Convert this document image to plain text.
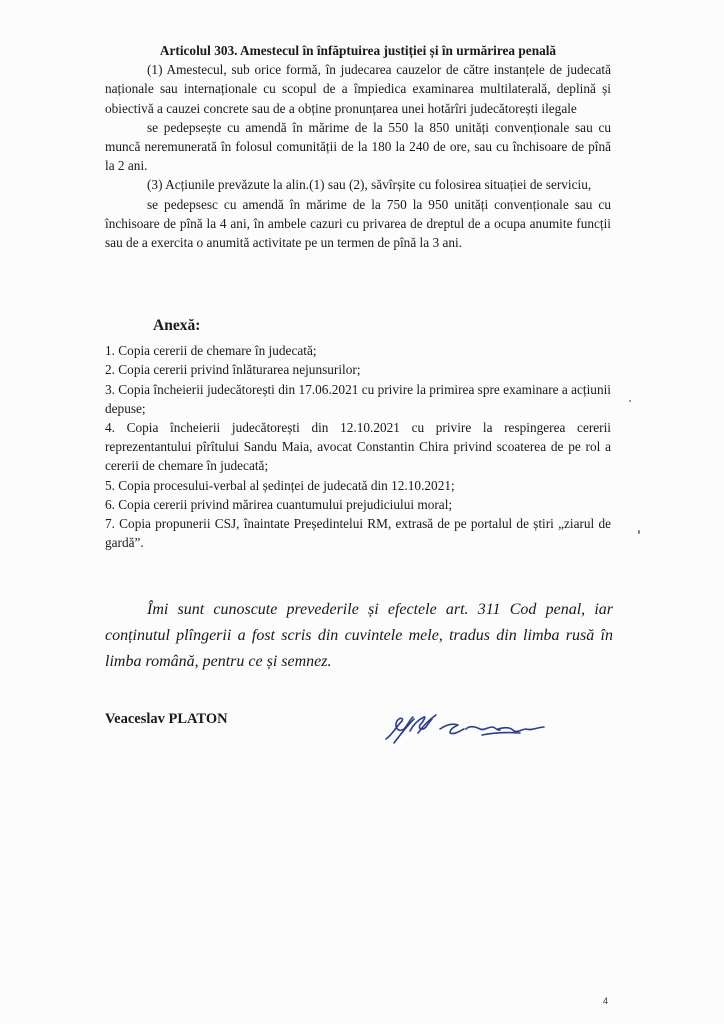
Articolul 303. Amestecul în înfăptuirea justiției și în urmărirea penală

(1) Amestecul, sub orice formă, în judecarea cauzelor de către instanțele de judecată naționale sau internaționale cu scopul de a împiedica examinarea multilaterală, deplină și obiectivă a cauzei concrete sau de a obține pronunțarea unei hotărîri judecătorești ilegale

se pedepsește cu amendă în mărime de la 550 la 850 unități convenționale sau cu muncă neremunerată în folosul comunității de la 180 la 240 de ore, sau cu închisoare de pînă la 2 ani.

(3) Acțiunile prevăzute la alin.(1) sau (2), săvîrșite cu folosirea situației de serviciu,

se pedepsesc cu amendă în mărime de la 750 la 950 unități convenționale sau cu închisoare de pînă la 4 ani, în ambele cazuri cu privarea de dreptul de a ocupa anumite funcții sau de a exercita o anumită activitate pe un termen de pînă la 3 ani.

Anexă:
1. Copia cererii de chemare în judecată;
2. Copia cererii privind înlăturarea nejunsurilor;
3. Copia încheierii judecătorești din 17.06.2021 cu privire la primirea spre examinare a acțiunii depuse;
4. Copia încheierii judecătorești din 12.10.2021 cu privire la respingerea cererii reprezentantului pîrîtului Sandu Maia, avocat Constantin Chira privind scoaterea de pe rol a cererii de chemare în judecată;
5. Copia procesului-verbal al ședinței de judecată din 12.10.2021;
6. Copia cererii privind mărirea cuantumului prejudiciului moral;
7. Copia propunerii CSJ, înaintate Președintelui RM, extrasă de pe portalul de știri „ziarul de gardă”.
Îmi sunt cunoscute prevederile și efectele art. 311 Cod penal, iar conținutul plîngerii a fost scris din cuvintele mele, tradus din limba rusă în limba română, pentru ce și semnez.
Veaceslav PLATON
4
